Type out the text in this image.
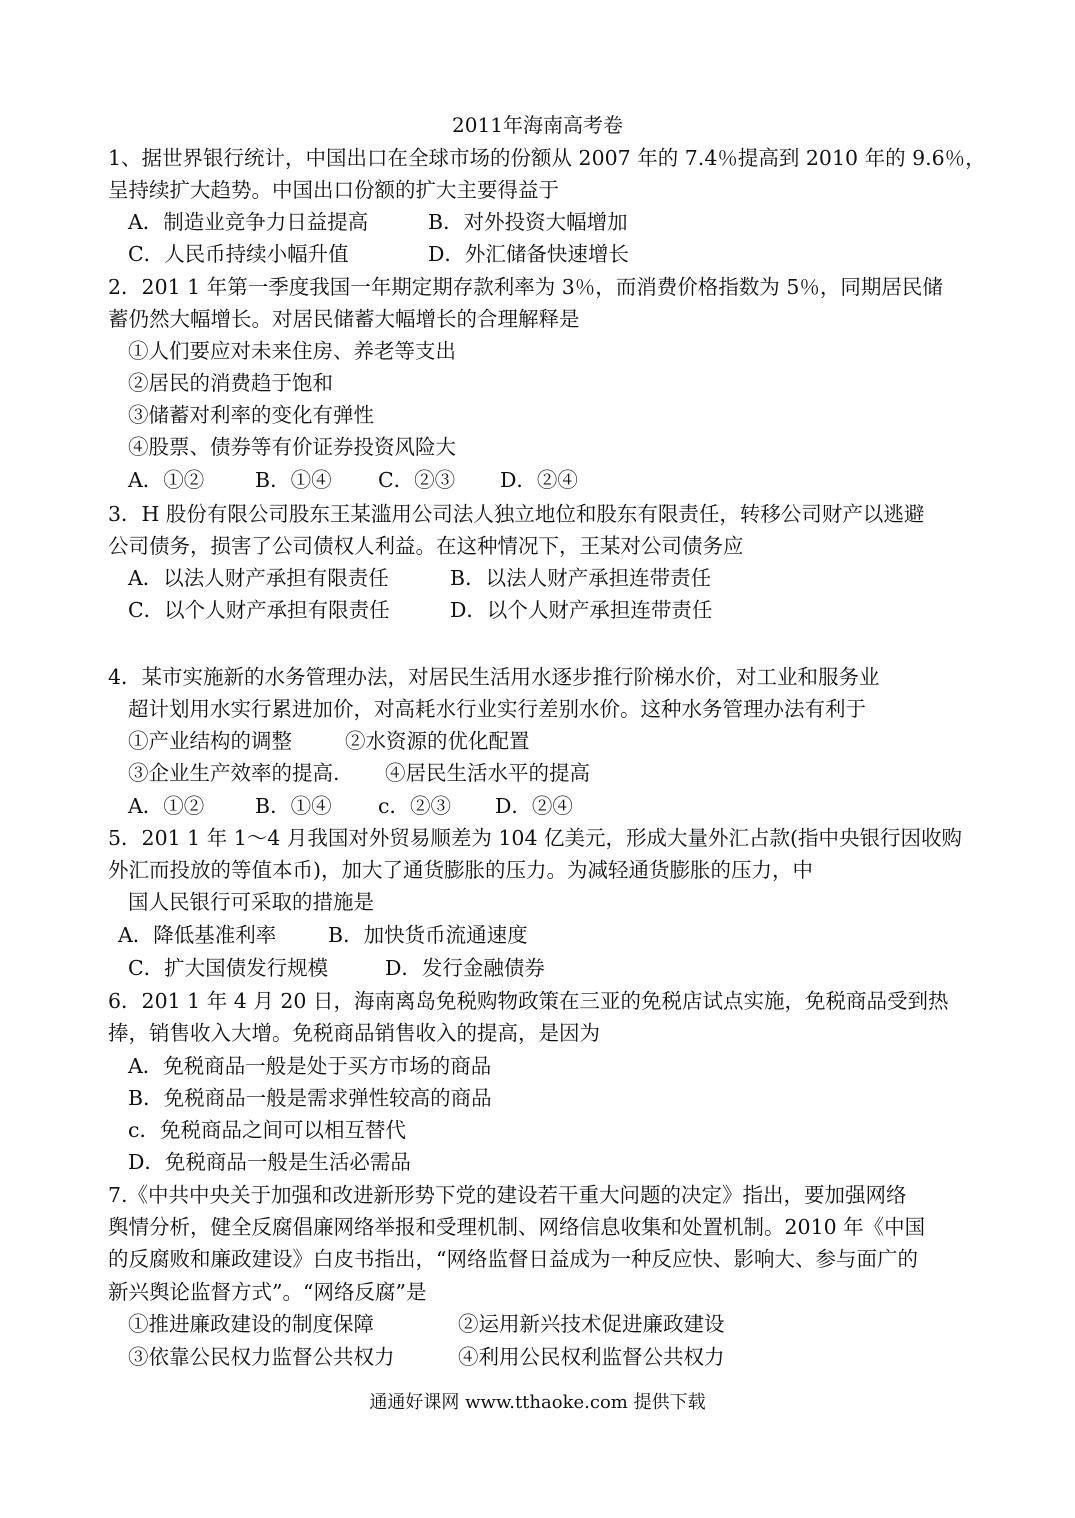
2011年海南高考卷
1、据世界银行统计，中国出口在全球市场的份额从 2007 年的 7.4％提高到 2010 年的 9.6％，
呈持续扩大趋势。中国出口份额的扩大主要得益于
A．制造业竞争力日益提高	B．对外投资大幅增加
C．人民币持续小幅升值	D．外汇储备快速增长
2．201 1 年第一季度我国一年期定期存款利率为 3％，而消费价格指数为 5％，同期居民储
蓄仍然大幅增长。对居民储蓄大幅增长的合理解释是
①人们要应对未来住房、养老等支出
②居民的消费趋于饱和
③储蓄对利率的变化有弹性
④股票、债券等有价证券投资风险大
A．①② B．①④ C．②③ D．②④
3．H 股份有限公司股东王某滥用公司法人独立地位和股东有限责任，转移公司财产以逃避
公司债务，损害了公司债权人利益。在这种情况下，王某对公司债务应
A．以法人财产承担有限责任	B．以法人财产承担连带责任
C．以个人财产承担有限责任	D．以个人财产承担连带责任
4．某市实施新的水务管理办法，对居民生活用水逐步推行阶梯水价，对工业和服务业
超计划用水实行累进加价，对高耗水行业实行差别水价。这种水务管理办法有利于
①产业结构的调整	②水资源的优化配置
③企业生产效率的提高. ④居民生活水平的提高
A．①② B．①④ c．②③ D．②④
5．201 1 年 1～4 月我国对外贸易顺差为 104 亿美元，形成大量外汇占款(指中央银行因收购
外汇而投放的等值本币)，加大了通货膨胀的压力。为减轻通货膨胀的压力，中
国人民银行可采取的措施是
A．降低基准利率	B．加快货币流通速度
C．扩大国债发行规模	D．发行金融债券
6．201 1 年 4 月 20 日，海南离岛免税购物政策在三亚的免税店试点实施，免税商品受到热
捧，销售收入大增。免税商品销售收入的提高，是因为
A．免税商品一般是处于买方市场的商品
B．免税商品一般是需求弹性较高的商品
c．免税商品之间可以相互替代
D．免税商品一般是生活必需品
7.《中共中央关于加强和改进新形势下党的建设若干重大问题的决定》指出，要加强网络
舆情分析，健全反腐倡廉网络举报和受理机制、网络信息收集和处置机制。2010 年《中国
的反腐败和廉政建设》白皮书指出，“网络监督日益成为一种反应快、影响大、参与面广的
新兴舆论监督方式”。“网络反腐”是
①推进廉政建设的制度保障	②运用新兴技术促进廉政建设
③依靠公民权力监督公共权力	④利用公民权利监督公共权力
通通好课网 www.tthaoke.com 提供下载
